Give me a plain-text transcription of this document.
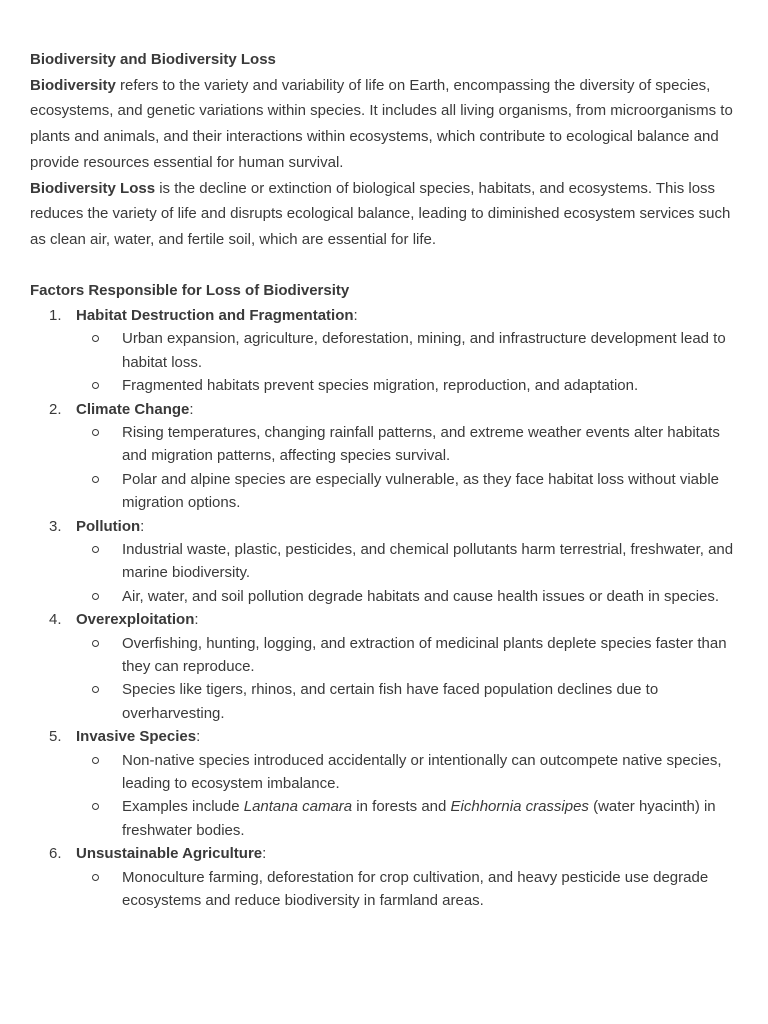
Biodiversity and Biodiversity Loss

Biodiversity refers to the variety and variability of life on Earth, encompassing the diversity of species, ecosystems, and genetic variations within species. It includes all living organisms, from microorganisms to plants and animals, and their interactions within ecosystems, which contribute to ecological balance and provide resources essential for human survival.

Biodiversity Loss is the decline or extinction of biological species, habitats, and ecosystems. This loss reduces the variety of life and disrupts ecological balance, leading to diminished ecosystem services such as clean air, water, and fertile soil, which are essential for life.

Factors Responsible for Loss of Biodiversity
1. Habitat Destruction and Fragmentation:
Urban expansion, agriculture, deforestation, mining, and infrastructure development lead to habitat loss.
Fragmented habitats prevent species migration, reproduction, and adaptation.
2. Climate Change:
Rising temperatures, changing rainfall patterns, and extreme weather events alter habitats and migration patterns, affecting species survival.
Polar and alpine species are especially vulnerable, as they face habitat loss without viable migration options.
3. Pollution:
Industrial waste, plastic, pesticides, and chemical pollutants harm terrestrial, freshwater, and marine biodiversity.
Air, water, and soil pollution degrade habitats and cause health issues or death in species.
4. Overexploitation:
Overfishing, hunting, logging, and extraction of medicinal plants deplete species faster than they can reproduce.
Species like tigers, rhinos, and certain fish have faced population declines due to overharvesting.
5. Invasive Species:
Non-native species introduced accidentally or intentionally can outcompete native species, leading to ecosystem imbalance.
Examples include Lantana camara in forests and Eichhornia crassipes (water hyacinth) in freshwater bodies.
6. Unsustainable Agriculture:
Monoculture farming, deforestation for crop cultivation, and heavy pesticide use degrade ecosystems and reduce biodiversity in farmland areas.
